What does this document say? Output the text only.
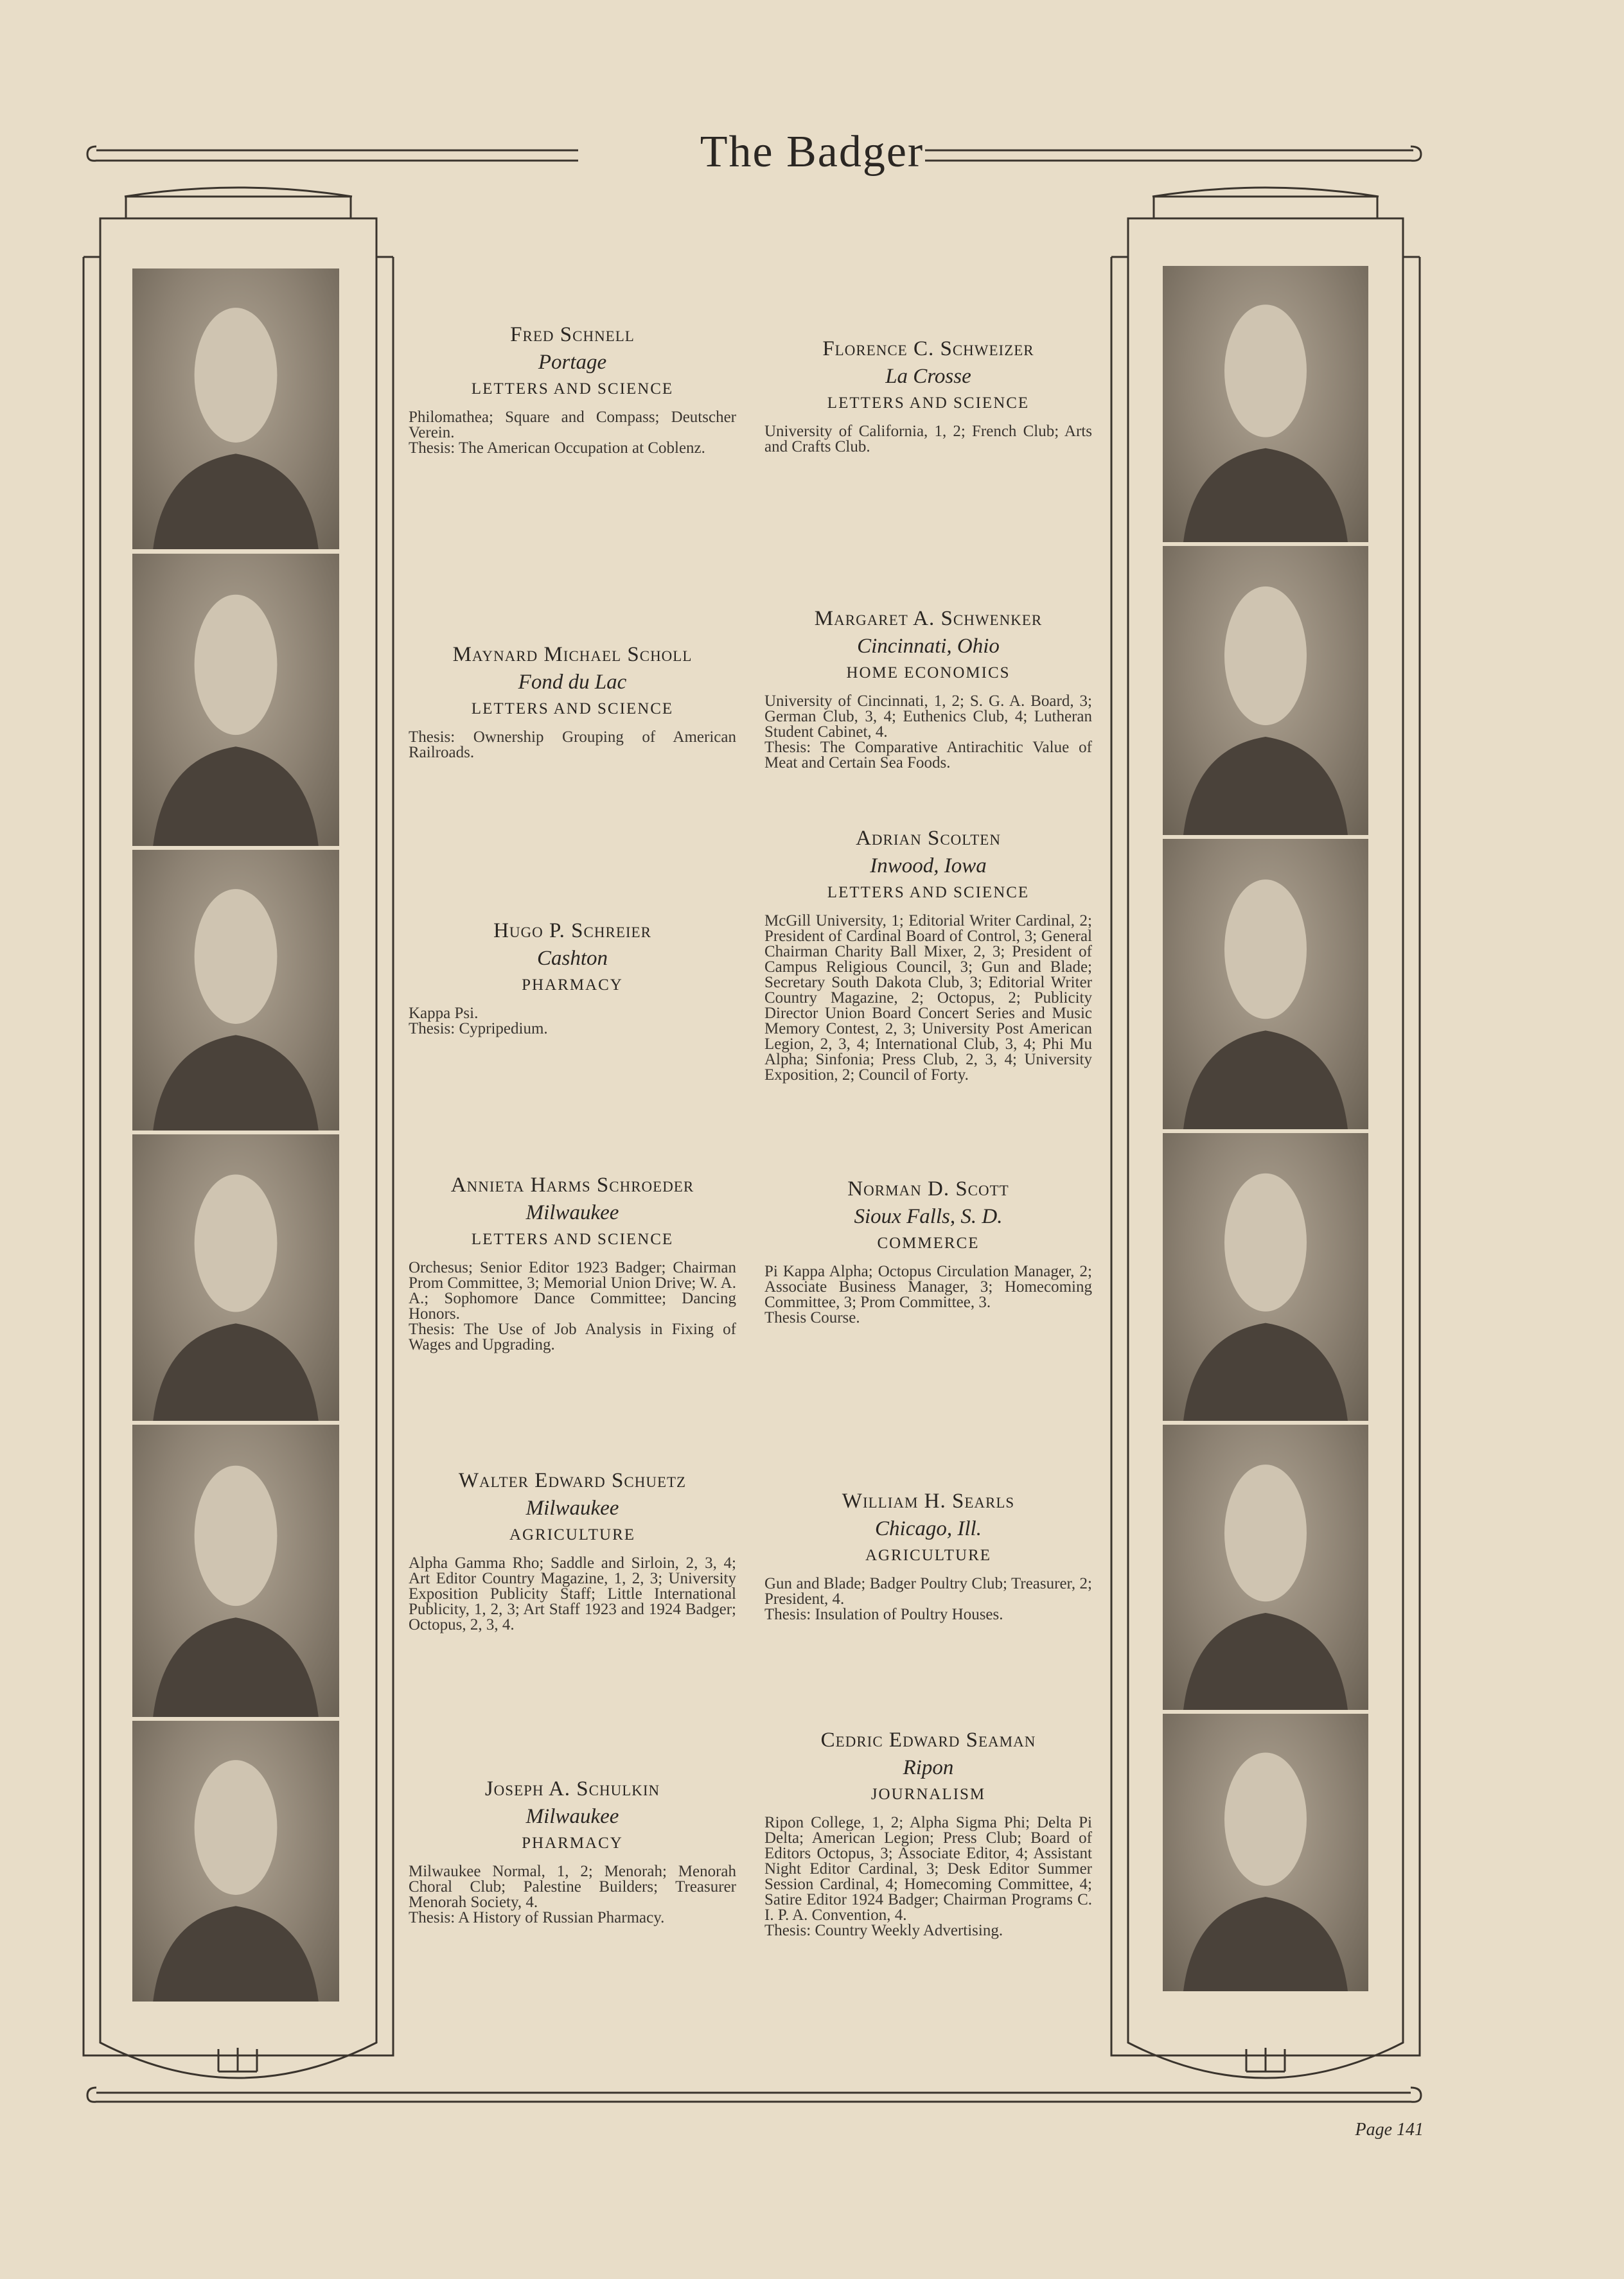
The Badger
Fred Schnell
Portage
LETTERS AND SCIENCE

Philomathea; Square and Compass; Deutscher Verein.

Thesis: The American Occupation at Coblenz.

Maynard Michael Scholl
Fond du Lac
LETTERS AND SCIENCE

Thesis: Ownership Grouping of American Railroads.

Hugo P. Schreier
Cashton
PHARMACY

Kappa Psi.

Thesis: Cypripedium.

Annieta Harms Schroeder
Milwaukee
LETTERS AND SCIENCE

Orchesus; Senior Editor 1923 Badger; Chairman Prom Committee, 3; Memorial Union Drive; W. A. A.; Sophomore Dance Committee; Dancing Honors.

Thesis: The Use of Job Analysis in Fixing of Wages and Upgrading.

Walter Edward Schuetz
Milwaukee
AGRICULTURE

Alpha Gamma Rho; Saddle and Sirloin, 2, 3, 4; Art Editor Country Magazine, 1, 2, 3; University Exposition Publicity Staff; Little International Publicity, 1, 2, 3; Art Staff 1923 and 1924 Badger; Octopus, 2, 3, 4.

Joseph A. Schulkin
Milwaukee
PHARMACY

Milwaukee Normal, 1, 2; Menorah; Menorah Choral Club; Palestine Builders; Treasurer Menorah Society, 4.

Thesis: A History of Russian Pharmacy.

Florence C. Schweizer
La Crosse
LETTERS AND SCIENCE

University of California, 1, 2; French Club; Arts and Crafts Club.

Margaret A. Schwenker
Cincinnati, Ohio
HOME ECONOMICS

University of Cincinnati, 1, 2; S. G. A. Board, 3; German Club, 3, 4; Euthenics Club, 4; Lutheran Student Cabinet, 4.

Thesis: The Comparative Antirachitic Value of Meat and Certain Sea Foods.

Adrian Scolten
Inwood, Iowa
LETTERS AND SCIENCE

McGill University, 1; Editorial Writer Cardinal, 2; President of Cardinal Board of Control, 3; General Chairman Charity Ball Mixer, 2, 3; President of Campus Religious Council, 3; Gun and Blade; Secretary South Dakota Club, 3; Editorial Writer Country Magazine, 2; Octopus, 2; Publicity Director Union Board Concert Series and Music Memory Contest, 2, 3; University Post American Legion, 2, 3, 4; International Club, 3, 4; Phi Mu Alpha; Sinfonia; Press Club, 2, 3, 4; University Exposition, 2; Council of Forty.

Norman D. Scott
Sioux Falls, S. D.
COMMERCE

Pi Kappa Alpha; Octopus Circulation Manager, 2; Associate Business Manager, 3; Homecoming Committee, 3; Prom Committee, 3.

Thesis Course.

William H. Searls
Chicago, Ill.
AGRICULTURE

Gun and Blade; Badger Poultry Club; Treasurer, 2; President, 4.

Thesis: Insulation of Poultry Houses.

Cedric Edward Seaman
Ripon
JOURNALISM

Ripon College, 1, 2; Alpha Sigma Phi; Delta Pi Delta; American Legion; Press Club; Board of Editors Octopus, 3; Associate Editor, 4; Assistant Night Editor Cardinal, 3; Desk Editor Summer Session Cardinal, 4; Homecoming Committee, 4; Satire Editor 1924 Badger; Chairman Programs C. I. P. A. Convention, 4.

Thesis: Country Weekly Advertising.

Page 141
